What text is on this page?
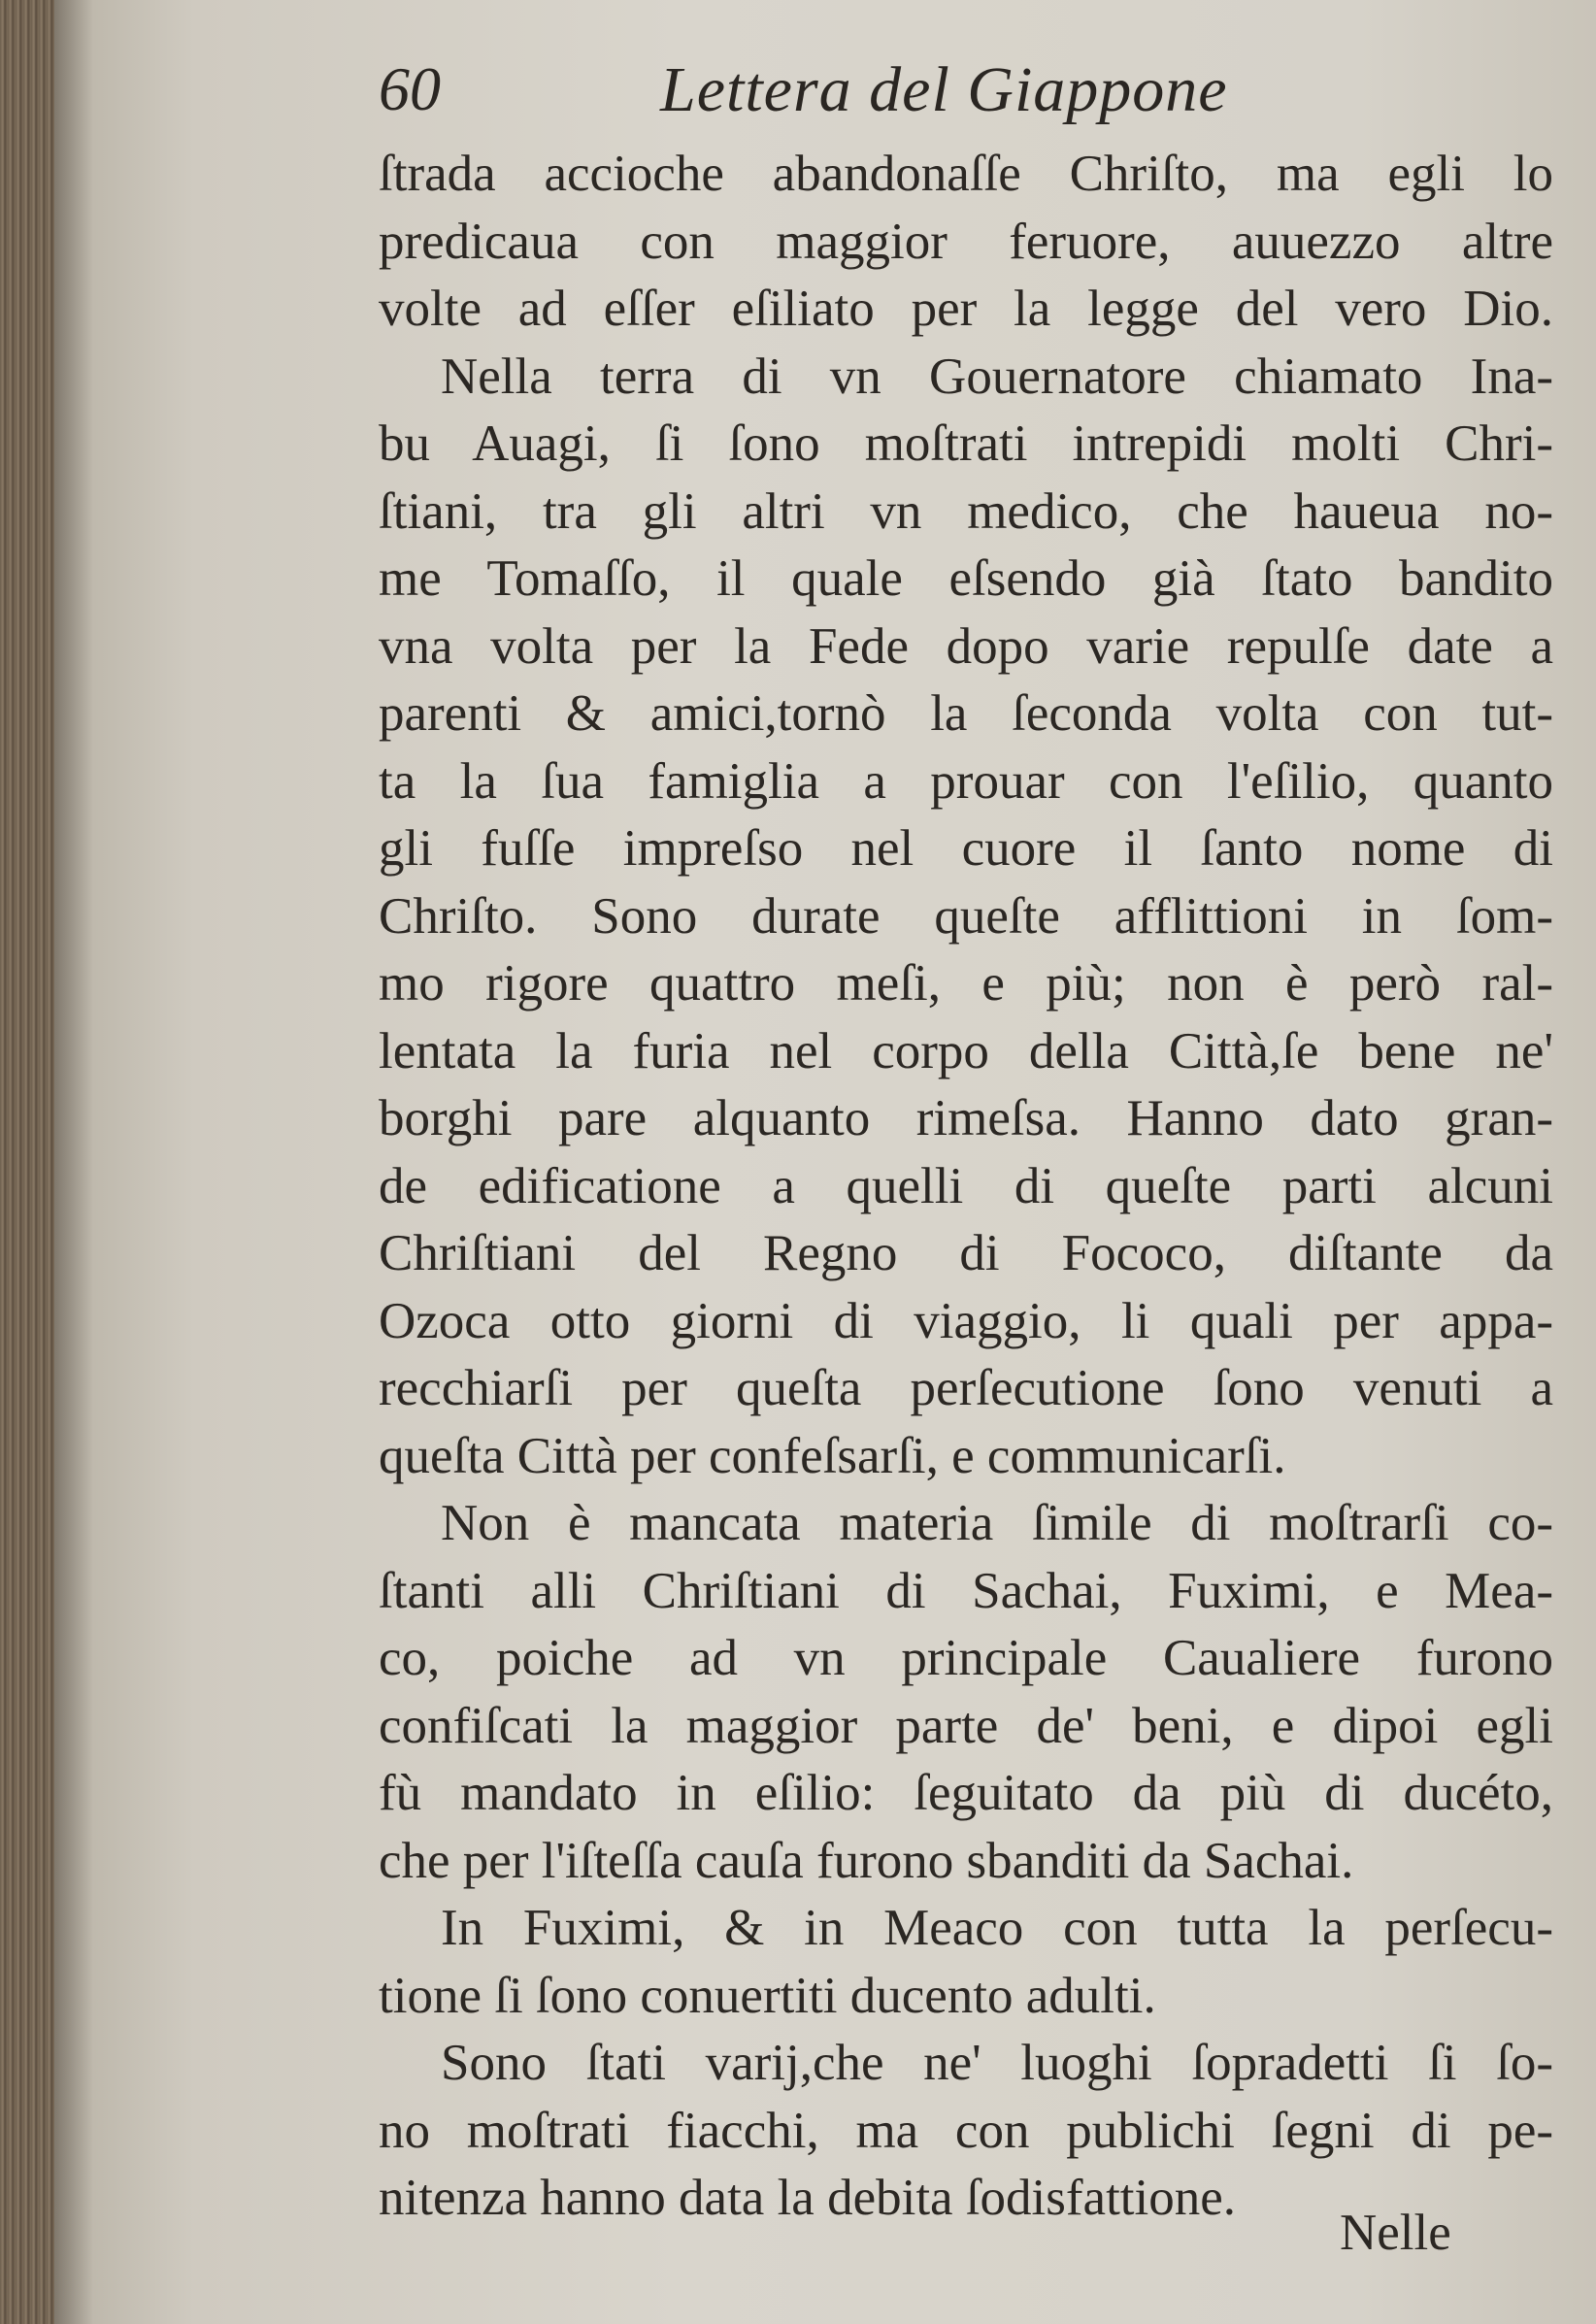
60	Lettera del Giappone
ſtrada accioche abandonaſſe Chriſto, ma egli lo
predicaua con maggior feruore, auuezzo altre
volte ad eſſer eſiliato per la legge del vero Dio.
Nella terra di vn Gouernatore chiamato Ina-
bu Auagi, ſi ſono moſtrati intrepidi molti Chri-
ſtiani, tra gli altri vn medico, che haueua no-
me Tomaſſo, il quale eſsendo già ſtato bandito
vna volta per la Fede dopo varie repulſe date a
parenti & amici,tornò la ſeconda volta con tut-
ta la ſua famiglia a prouar con l'eſilio, quanto
gli fuſſe impreſso nel cuore il ſanto nome di
Chriſto. Sono durate queſte afflittioni in ſom-
mo rigore quattro meſi, e più; non è però ral-
lentata la furia nel corpo della Città,ſe bene ne'
borghi pare alquanto rimeſsa. Hanno dato gran-
de edificatione a quelli di queſte parti alcuni
Chriſtiani del Regno di Fococo, diſtante da
Ozoca otto giorni di viaggio, li quali per appa-
recchiarſi per queſta perſecutione ſono venuti a
queſta Città per confeſsarſi, e communicarſi.
Non è mancata materia ſimile di moſtrarſi co-
ſtanti alli Chriſtiani di Sachai, Fuximi, e Mea-
co, poiche ad vn principale Caualiere furono
confiſcati la maggior parte de' beni, e dipoi egli
fù mandato in eſilio: ſeguitato da più di ducéto,
che per l'iſteſſa cauſa furono sbanditi da Sachai.
In Fuximi, & in Meaco con tutta la perſecu-
tione ſi ſono conuertiti ducento adulti.
Sono ſtati varij,che ne' luoghi ſopradetti ſi ſo-
no moſtrati fiacchi, ma con publichi ſegni di pe-
nitenza hanno data la debita ſodisfattione.
Nelle
